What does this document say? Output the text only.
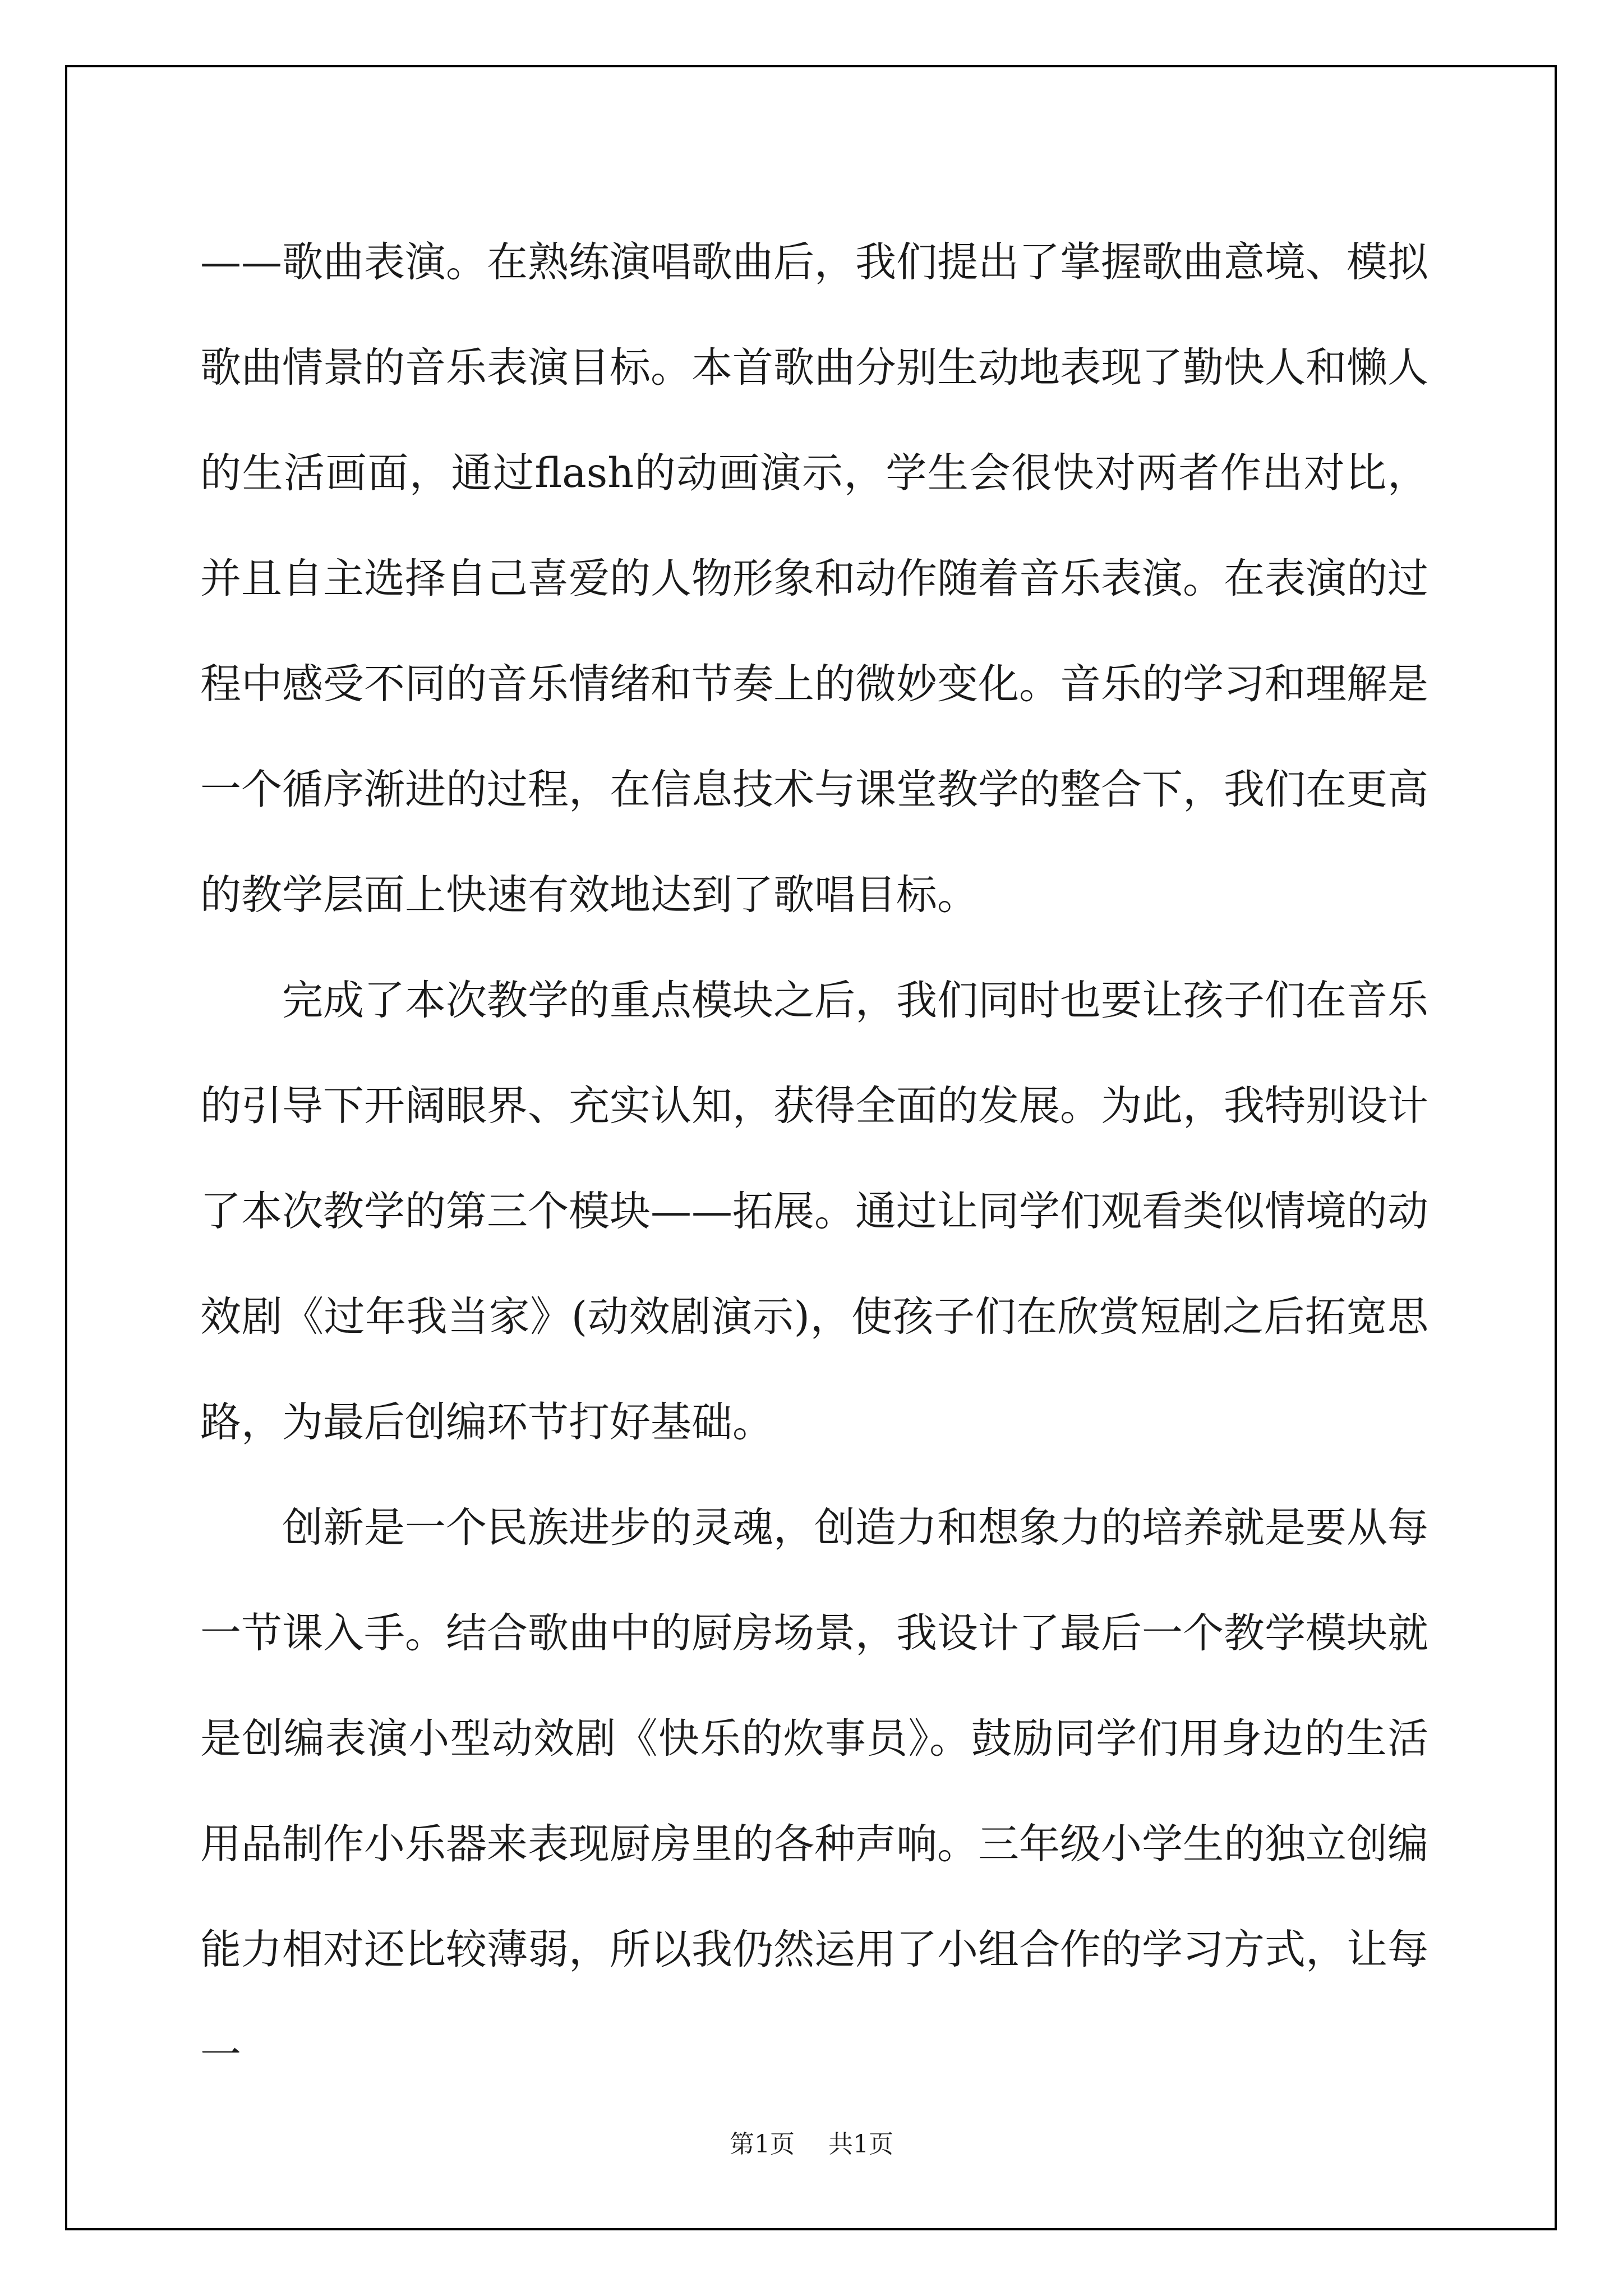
——歌曲表演。在熟练演唱歌曲后，我们提出了掌握歌曲意境、模拟歌曲情景的音乐表演目标。本首歌曲分别生动地表现了勤快人和懒人的生活画面，通过flash的动画演示，学生会很快对两者作出对比，并且自主选择自己喜爱的人物形象和动作随着音乐表演。在表演的过程中感受不同的音乐情绪和节奏上的微妙变化。音乐的学习和理解是一个循序渐进的过程，在信息技术与课堂教学的整合下，我们在更高的教学层面上快速有效地达到了歌唱目标。

完成了本次教学的重点模块之后，我们同时也要让孩子们在音乐的引导下开阔眼界、充实认知，获得全面的发展。为此，我特别设计了本次教学的第三个模块——拓展。通过让同学们观看类似情境的动效剧《过年我当家》(动效剧演示)，使孩子们在欣赏短剧之后拓宽思路，为最后创编环节打好基础。

创新是一个民族进步的灵魂，创造力和想象力的培养就是要从每一节课入手。结合歌曲中的厨房场景，我设计了最后一个教学模块就是创编表演小型动效剧《快乐的炊事员》。鼓励同学们用身边的生活用品制作小乐器来表现厨房里的各种声响。三年级小学生的独立创编能力相对还比较薄弱，所以我仍然运用了小组合作的学习方式，让每一

第1页 共1页
